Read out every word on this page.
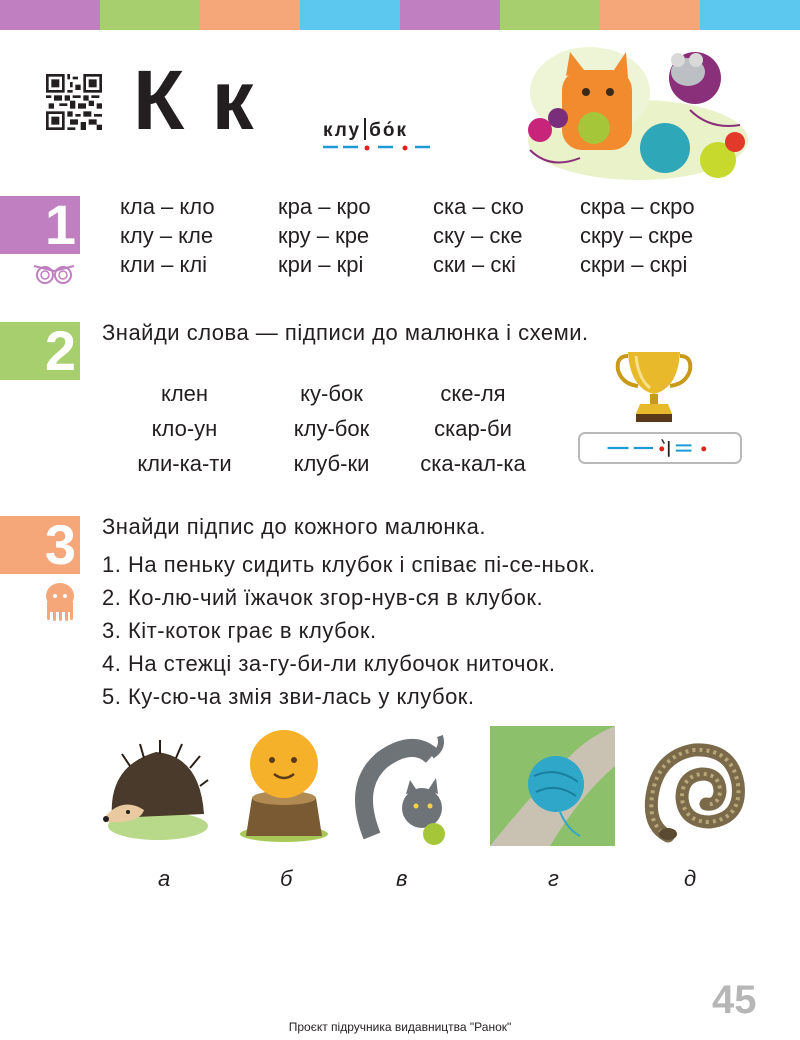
К к	клу бо́к
1 кла – кло	кра – кро	ска – ско	скра – скро
клу – кле	кру – кре	ску – ске	скру – скре
кли – клі	кри – крі	ски – скі	скри – скрі
2 Знайди слова — підписи до малюнка і схеми.
клен	ку-бок	ске-ля
кло-ун	клу-бок	скар-би
кли-ка-ти	клуб-ки	ска-кал-ка
3 Знайди підпис до кожного малюнка.
1. На пеньку сидить клубок і співає пі-се-ньок.
2. Ко-лю-чий їжачок згор-нув-ся в клубок.
3. Кіт-коток грає в клубок.
4. На стежці за-гу-би-ли клубочок ниточок.
5. Ку-сю-ча змія зви-лась у клубок.
а	б	в	г	д
45
Проєкт підручника видавництва "Ранок"
